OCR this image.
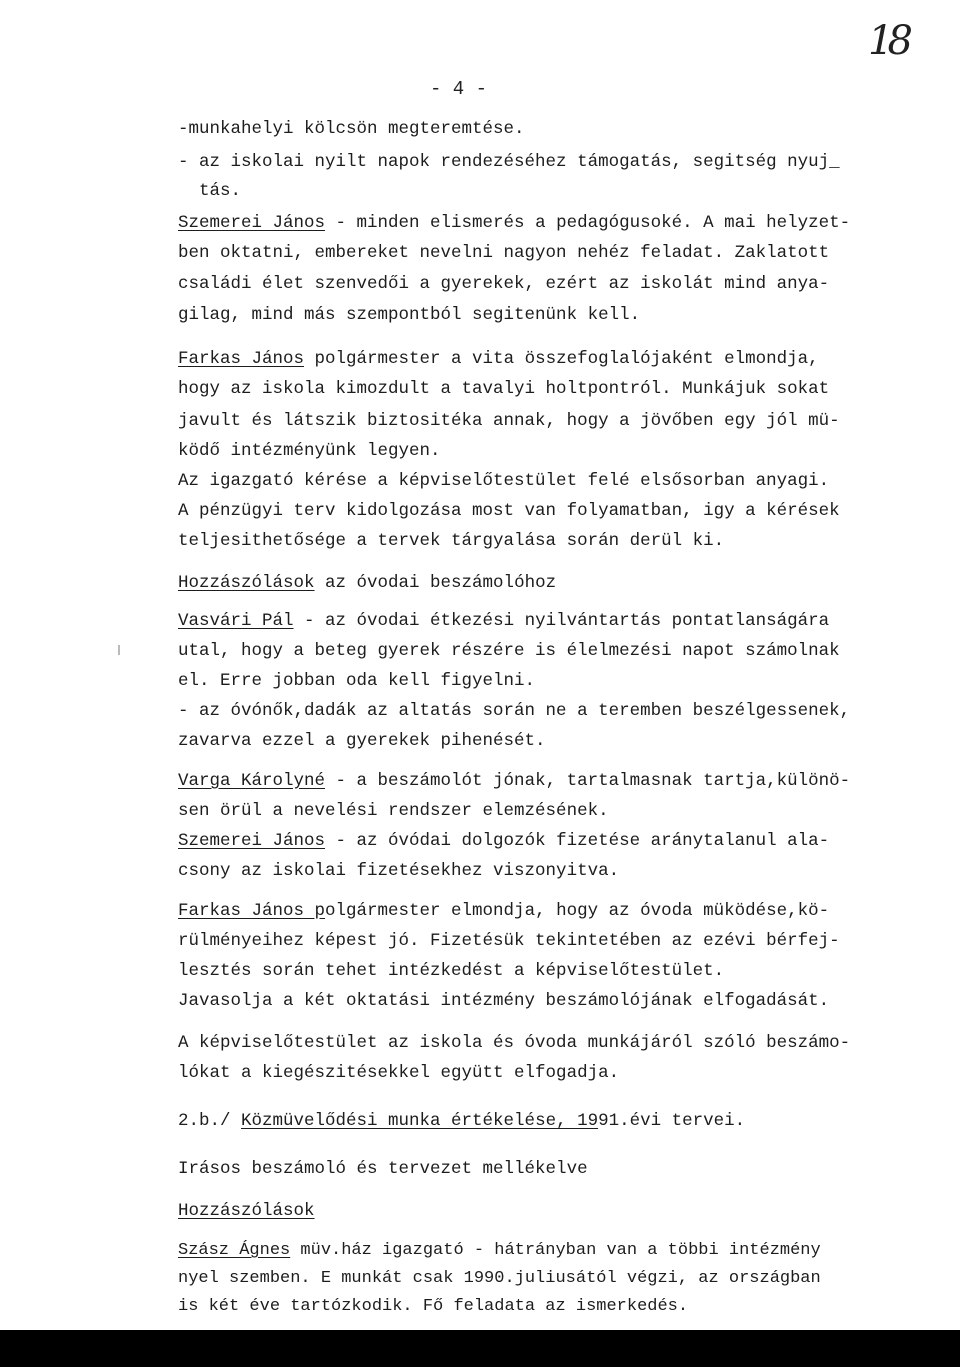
18
- 4 -
-munkahelyi kölcsön megteremtése.
- az iskolai nyilt napok rendezéséhez támogatás, segitség nyuj_
tás.
Szemerei János - minden elismerés a pedagógusoké. A mai helyzet-
ben oktatni, embereket nevelni nagyon nehéz feladat. Zaklatott
családi élet szenvedői a gyerekek, ezért az iskolát mind anya-
gilag, mind más szempontból segitenünk kell.
Farkas János polgármester a vita összefoglalójaként elmondja,
hogy az iskola kimozdult a tavalyi holtpontról. Munkájuk sokat
javult és látszik biztositéka annak, hogy a jövőben egy jól mü-
ködő intézményünk legyen.
Az igazgató kérése a képviselőtestület felé elsősorban anyagi.
A pénzügyi terv kidolgozása most van folyamatban, igy a kérések
teljesithetősége a tervek tárgyalása során derül ki.
Hozzászólások az óvodai beszámolóhoz
Vasvári Pál - az óvodai étkezési nyilvántartás pontatlanságára
utal, hogy a beteg gyerek részére is élelmezési napot számolnak
el. Erre jobban oda kell figyelni.
- az óvónők,dadák az altatás során ne a teremben beszélgessenek,
zavarva ezzel a gyerekek pihenését.
Varga Károlyné - a beszámolót jónak, tartalmasnak tartja,különö-
sen örül a nevelési rendszer elemzésének.
Szemerei János - az óvódai dolgozók fizetése aránytalanul ala-
csony az iskolai fizetésekhez viszonyitva.
Farkas János polgármester elmondja, hogy az óvoda müködése,kö-
rülményeihez képest jó. Fizetésük tekintetében az ezévi bérfej-
lesztés során tehet intézkedést a képviselőtestület.
Javasolja a két oktatási intézmény beszámolójának elfogadását.
A képviselőtestület az iskola és óvoda munkájáról szóló beszámo-
lókat a kiegészitésekkel együtt elfogadja.
2.b./ Közmüvelődési munka értékelése, 1991.évi tervei.
Irásos beszámoló és tervezet mellékelve
Hozzászólások
Szász Ágnes müv.ház igazgató - hátrányban van a többi intézmény
nyel szemben. E munkát csak 1990.juliusától végzi, az országban
is két éve tartózkodik. Fő feladata az ismerkedés.
